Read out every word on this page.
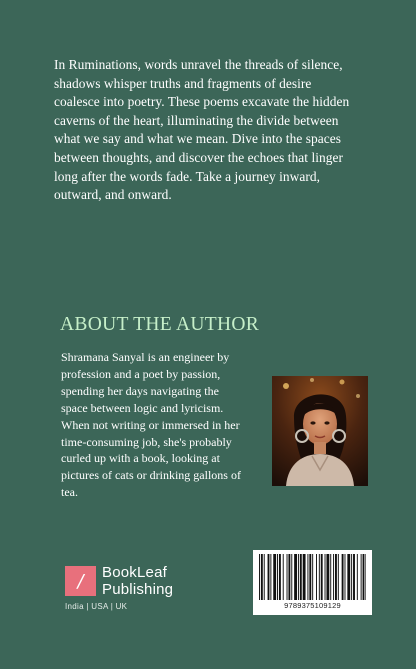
In Ruminations, words unravel the threads of silence, shadows whisper truths and fragments of desire coalesce into poetry. These poems excavate the hidden caverns of the heart, illuminating the divide between what we say and what we mean. Dive into the spaces between thoughts, and discover the echoes that linger long after the words fade. Take a journey inward, outward, and onward.

ABOUT THE AUTHOR

Shramana Sanyal is an engineer by profession and a poet by passion, spending her days navigating the space between logic and lyricism. When not writing or immersed in her time-consuming job, she's probably curled up with a book, looking at pictures of cats or drinking gallons of tea.

/	BookLeaf
Publishing
India | USA | UK	9789375109129
